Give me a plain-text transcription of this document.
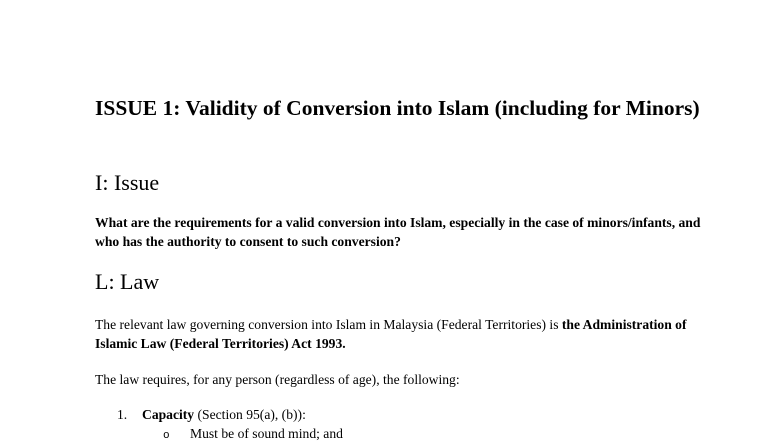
ISSUE 1: Validity of Conversion into Islam (including for Minors)
I: Issue

What are the requirements for a valid conversion into Islam, especially in the case of minors/infants, and who has the authority to consent to such conversion?

L: Law

The relevant law governing conversion into Islam in Malaysia (Federal Territories) is the Administration of Islamic Law (Federal Territories) Act 1993.

The law requires, for any person (regardless of age), the following:

1. Capacity (Section 95(a), (b)):
o Must be of sound mind; and
